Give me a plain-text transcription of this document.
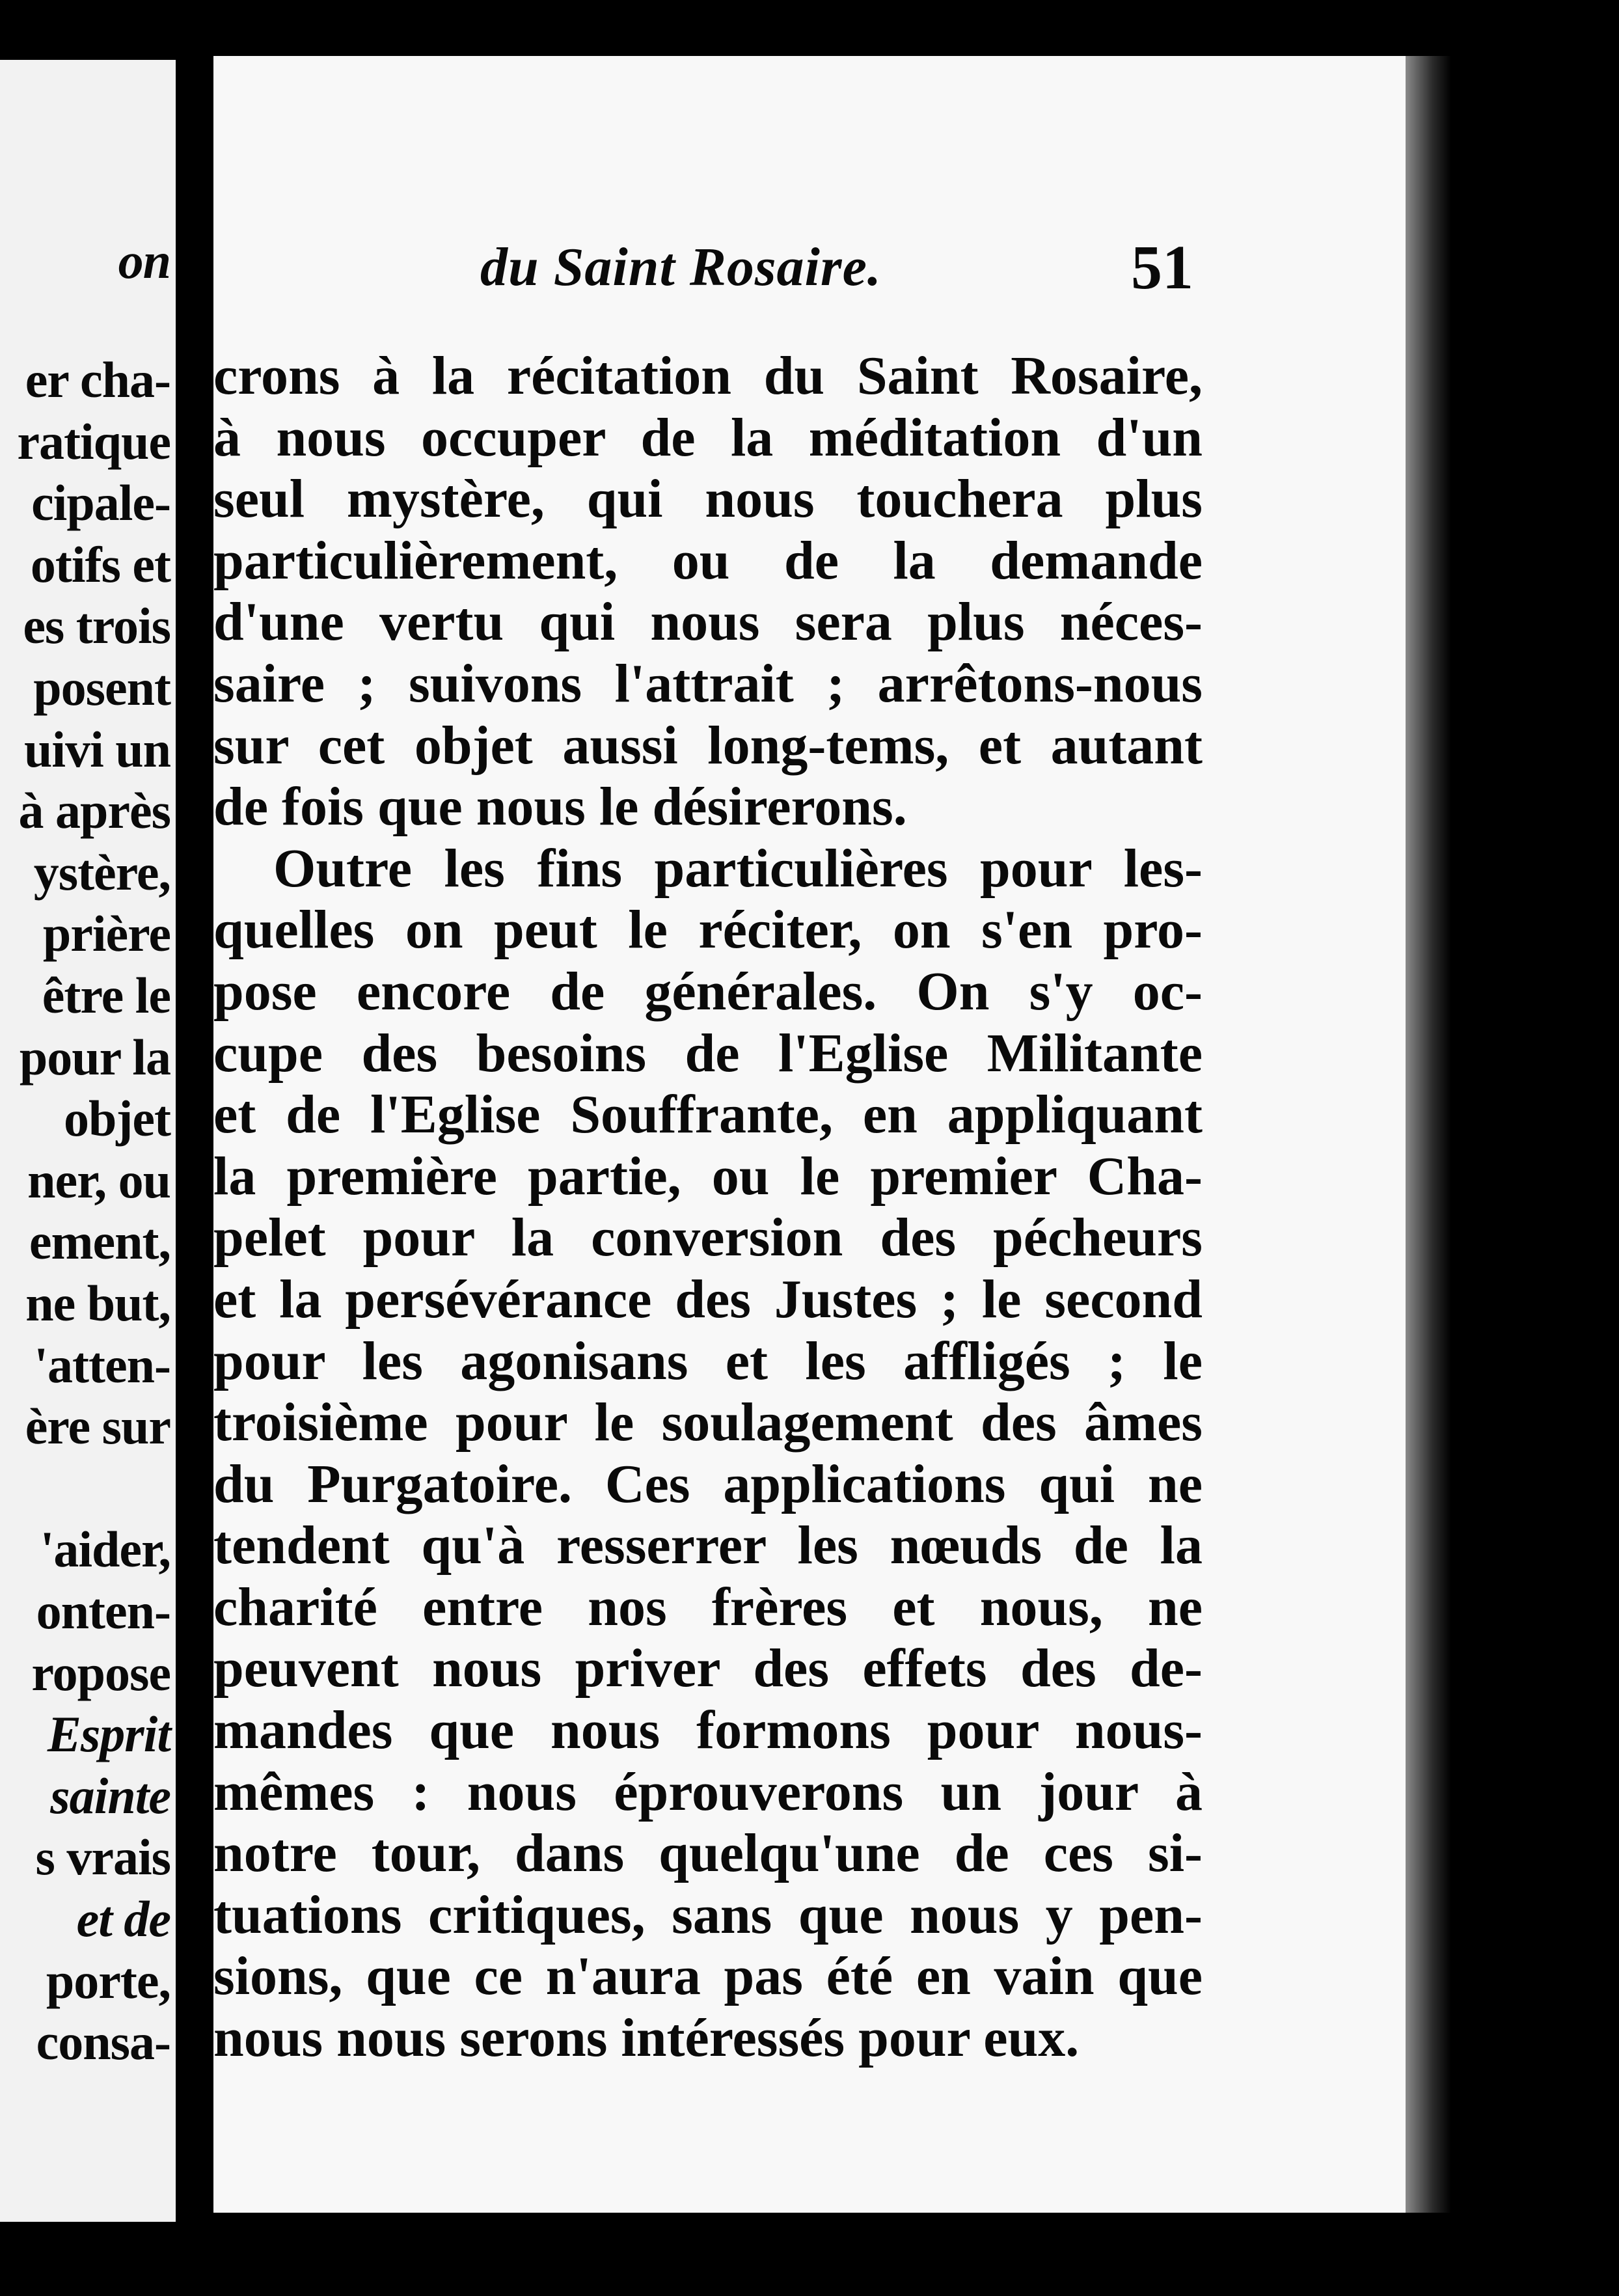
on
er cha-
ratique
cipale-
otifs et
es trois
posent
uivi un
à après
ystère,
prière
être le
pour la
objet
ner, ou
ement,
ne but,
'atten-
ère sur
'aider,
onten-
ropose
Esprit
sainte
s vrais
et de
porte,
consa-
du Saint Rosaire.	51
crons à la récitation du Saint Rosaire,
à nous occuper de la méditation d'un
seul mystère, qui nous touchera plus
particulièrement, ou de la demande
d'une vertu qui nous sera plus néces-
saire ; suivons l'attrait ; arrêtons-nous
sur cet objet aussi long-tems, et autant
de fois que nous le désirerons.
Outre les fins particulières pour les-
quelles on peut le réciter, on s'en pro-
pose encore de générales. On s'y oc-
cupe des besoins de l'Eglise Militante
et de l'Eglise Souffrante, en appliquant
la première partie, ou le premier Cha-
pelet pour la conversion des pécheurs
et la persévérance des Justes ; le second
pour les agonisans et les affligés ; le
troisième pour le soulagement des âmes
du Purgatoire. Ces applications qui ne
tendent qu'à resserrer les nœuds de la
charité entre nos frères et nous, ne
peuvent nous priver des effets des de-
mandes que nous formons pour nous-
mêmes : nous éprouverons un jour à
notre tour, dans quelqu'une de ces si-
tuations critiques, sans que nous y pen-
sions, que ce n'aura pas été en vain que
nous nous serons intéressés pour eux.
